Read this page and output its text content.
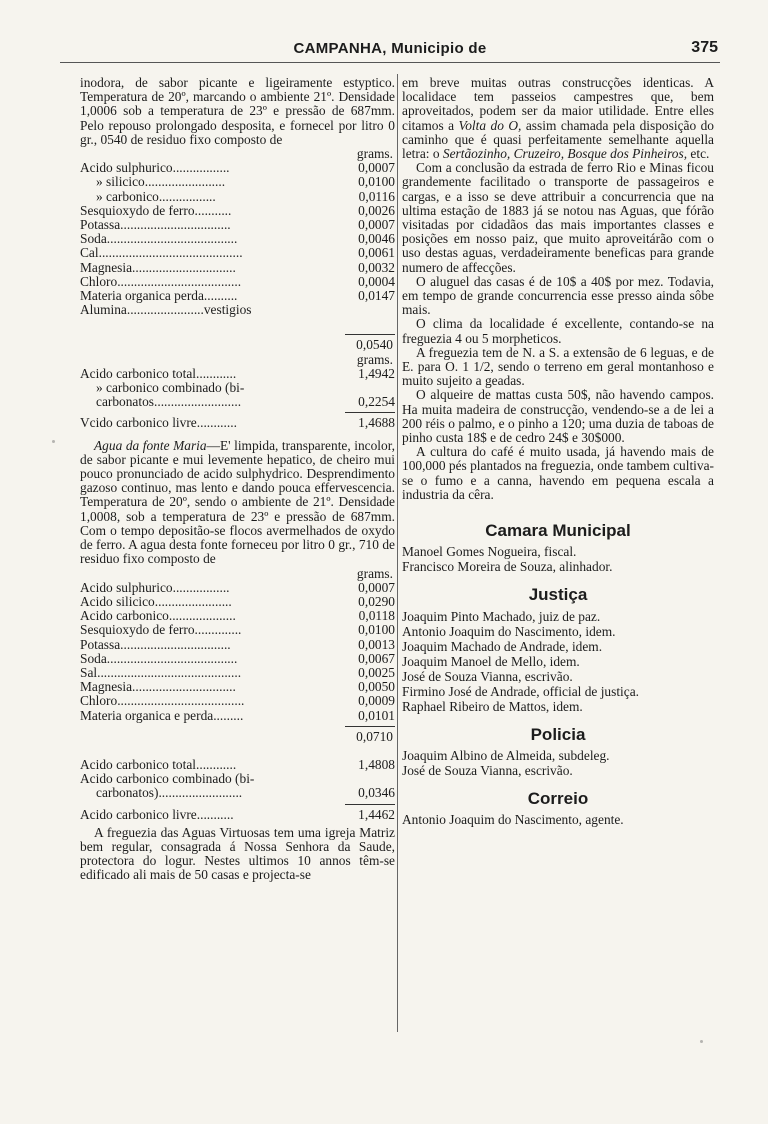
CAMPANHA, Municipio de	375

inodora, de sabor picante e ligeiramente estyptico. Temperatura de 20º, marcando o ambiente 21º. Densidade 1,0006 sob a temperatura de 23º e pressão de 687mm. Pelo repouso prolongado desposita, e fornecel por litro 0 gr., 0540 de residuo fixo composto de

grams.
Acido sulphurico.................	0,0007
» silicico........................	0,0100
» carbonico.................	0,0116
Sesquioxydo de ferro...........	0,0026
Potassa.................................	0,0007
Soda.......................................	0,0046
Cal...........................................	0,0061
Magnesia...............................	0,0032
Chloro.....................................	0,0004
Materia organica perda..........	0,0147
Alumina.......................vestigios
0,0540
grams.
Acido carbonico total............	1,4942
» carbonico combinado (bi-
carbonatos..........................	0,2254
Vcido carbonico livre............	1,4688

Agua da fonte Maria—E' limpida, transparente, incolor, de sabor picante e mui levemente hepatico, de cheiro mui pouco pronunciado de acido sulphydrico. Desprendimento gazoso continuo, mas lento e dando pouca effervescencia. Temperatura de 20º, sendo o ambiente de 21º. Densidade 1,0008, sob a temperatura de 23º e pressão de 687mm. Com o tempo depositão-se flocos avermelhados de oxydo de ferro. A agua desta fonte forneceu por litro 0 gr., 710 de residuo fixo composto de

grams.
Acido sulphurico.................	0,0007
Acido silicico.......................	0,0290
Acido carbonico....................	0,0118
Sesquioxydo de ferro..............	0,0100
Potassa.................................	0,0013
Soda.......................................	0,0067
Sal...........................................	0,0025
Magnesia...............................	0,0050
Chloro......................................	0,0009
Materia organica e perda.........	0,0101
0,0710
Acido carbonico total............	1,4808
Acido carbonico combinado (bi-
carbonatos).........................	0,0346
Acido carbonico livre...........	1,4462

A freguezia das Aguas Virtuosas tem uma igreja Matriz bem regular, consagrada á Nossa Senhora da Saude, protectora do logur. Nestes ultimos 10 annos têm-se edificado ali mais de 50 casas e projecta-se

em breve muitas outras construcções identicas. A localidace tem passeios campestres que, bem aproveitados, podem ser da maior utilidade. Entre elles citamos a Volta do O, assim chamada pela disposição do caminho que é quasi perfeitamente semelhante aquella letra: o Sertãozinho, Cruzeiro, Bosque dos Pinheiros, etc.

Com a conclusão da estrada de ferro Rio e Minas ficou grandemente facilitado o transporte de passageiros e cargas, e a isso se deve attribuir a concurrencia que na ultima estação de 1883 já se notou nas Aguas, que fórão visitadas por cidadãos das mais importantes classes e posições em nosso paiz, que muito aproveitárão com o uso destas aguas, verdadeiramente beneficas para grande numero de affecções.

O aluguel das casas é de 10$ a 40$ por mez. Todavia, em tempo de grande concurrencia esse presso ainda sôbe mais.

O clima da localidade é excellente, contando-se na freguezia 4 ou 5 morpheticos.

A freguezia tem de N. a S. a extensão de 6 leguas, e de E. para O. 1 1/2, sendo o terreno em geral montanhoso e muito sujeito a geadas.

O alqueire de mattas custa 50$, não havendo campos. Ha muita madeira de construcção, vendendo-se a de lei a 200 réis o palmo, e o pinho a 120; uma duzia de taboas de pinho custa 18$ e de cedro 24$ e 30$000.

A cultura do café é muito usada, já havendo mais de 100,000 pés plantados na freguezia, onde tambem cultiva-se o fumo e a canna, havendo em pequena escala a industria da cêra.

Camara Municipal

Manoel Gomes Nogueira, fiscal.

Francisco Moreira de Souza, alinhador.

Justiça

Joaquim Pinto Machado, juiz de paz.

Antonio Joaquim do Nascimento, idem.

Joaquim Machado de Andrade, idem.

Joaquim Manoel de Mello, idem.

José de Souza Vianna, escrivão.

Firmino José de Andrade, official de justiça.

Raphael Ribeiro de Mattos, idem.

Policia

Joaquim Albino de Almeida, subdeleg.

José de Souza Vianna, escrivão.

Correio

Antonio Joaquim do Nascimento, agente.
